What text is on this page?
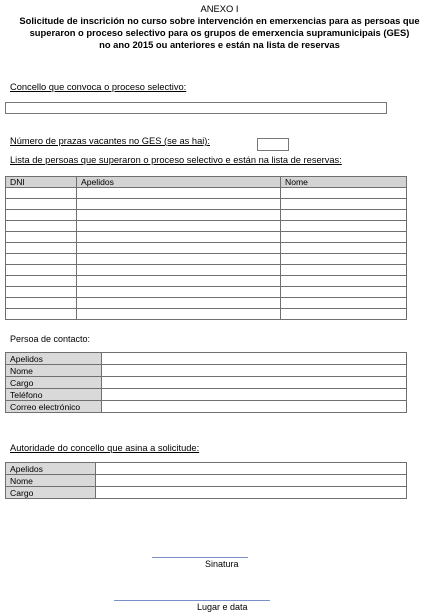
ANEXO I
Solicitude de inscrición no curso sobre intervención en emerxencias para as persoas que
superaron o proceso selectivo para os grupos de emerxencia supramunicipais (GES)
no ano 2015 ou anteriores e están na lista de reservas
Concello que convoca o proceso selectivo:
Número de prazas vacantes no GES (se as hai):
Lista de persoas que superaron o proceso selectivo e están na lista de reservas:
DNI	Apelidos	Nome

Persoa de contacto:
Apelidos	
Nome	
Cargo	
Teléfono	
Correo electrónico	
Autoridade do concello que asina a solicitude:
Apelidos	
Nome	
Cargo	
Sinatura
Lugar e data
